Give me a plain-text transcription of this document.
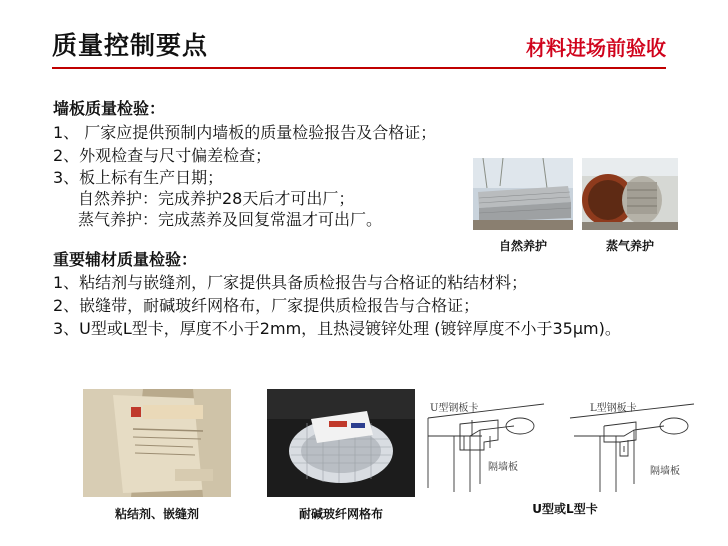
质量控制要点	材料进场前验收
墙板质量检验：
1、 厂家应提供预制内墙板的质量检验报告及合格证；
2、外观检查与尺寸偏差检查；
3、板上标有生产日期；
自然养护：完成养护28天后才可出厂；
蒸气养护：完成蒸养及回复常温才可出厂。
自然养护	蒸气养护
重要辅材质量检验：
1、粘结剂与嵌缝剂，厂家提供具备质检报告与合格证的粘结材料；
2、嵌缝带，耐碱玻纤网格布，厂家提供质检报告与合格证；
3、U型或L型卡，厚度不小于2mm，且热浸镀锌处理 (镀锌厚度不小于35μm)。
粘结剂、嵌缝剂	耐碱玻纤网格布
U型钢板卡	L型钢板卡
隔墙板	隔墙板
U型或L型卡
